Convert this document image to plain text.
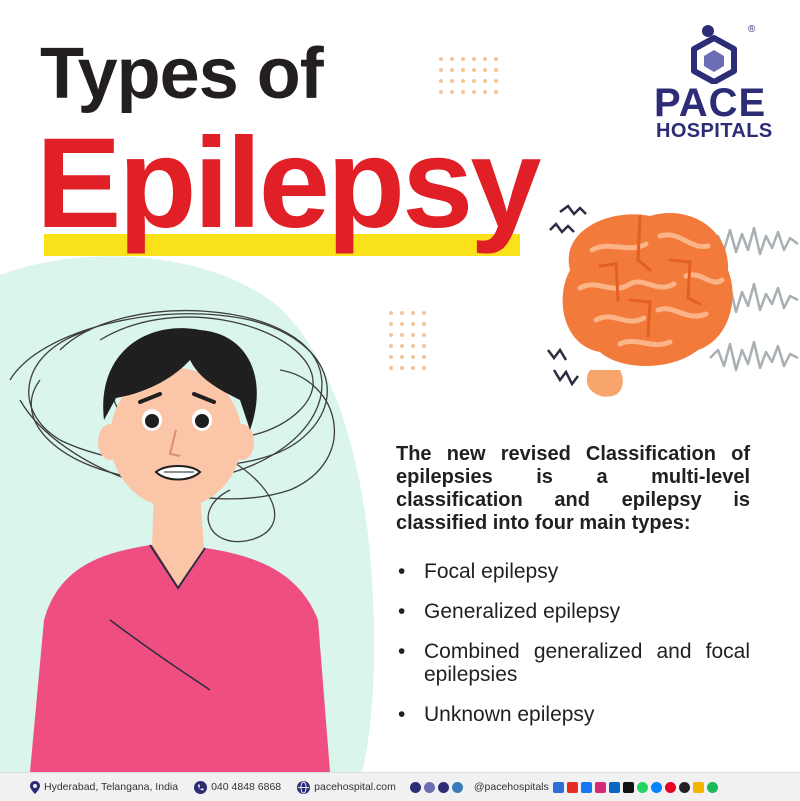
Types of
Epilepsy
®
PACE
HOSPITALS

The new revised Classification of epilepsies is a multi-level classification and epilepsy is classified into four main types:

• Focal epilepsy
• Generalized epilepsy
• Combined generalized and focal epilepsies
• Unknown epilepsy
Hyderabad, Telangana, India	040 4848 6868	pacehospital.com	@pacehospitals
